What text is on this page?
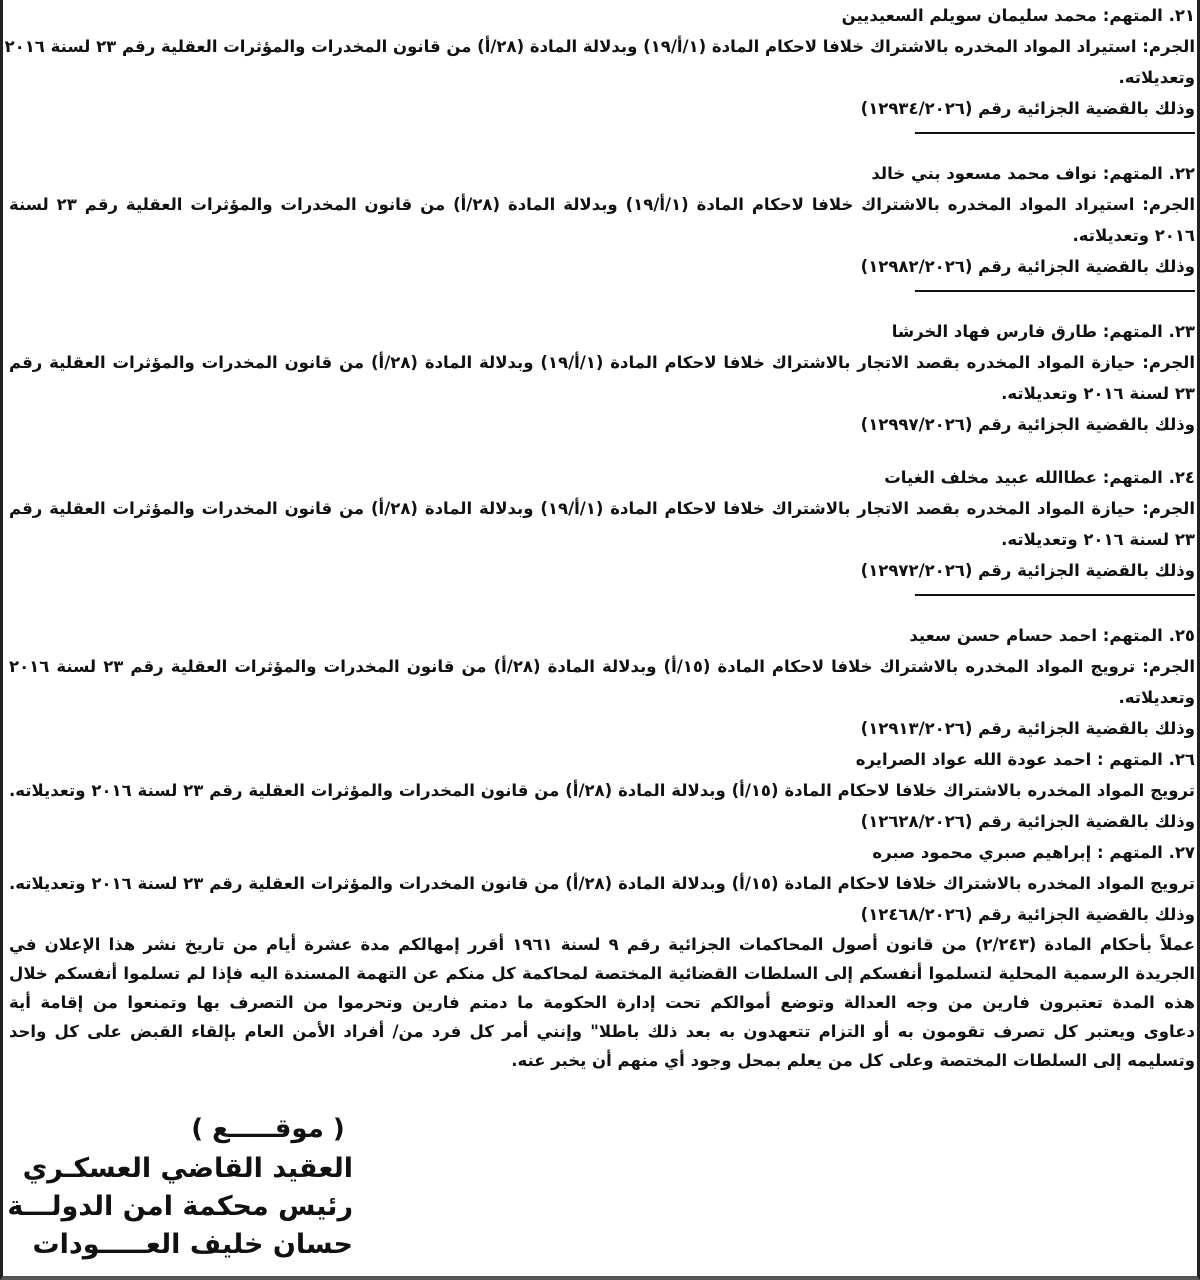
٢١. المتهم: محمد سليمان سويلم السعيديين
الجرم: استيراد المواد المخدره بالاشتراك خلافا لاحكام المادة (١/أ/١٩) وبدلالة المادة (٢٨/أ) من قانون المخدرات والمؤثرات العقلية رقم ٢٣ لسنة ٢٠١٦
وتعديلاته.
وذلك بالقضية الجزائية رقم (١٢٩٣٤/٢٠٢٦)
٢٢. المتهم: نواف محمد مسعود بني خالد
الجرم: استيراد المواد المخدره بالاشتراك خلافا لاحكام المادة (١/أ/١٩) وبدلالة المادة (٢٨/أ) من قانون المخدرات والمؤثرات العقلية رقم ٢٣ لسنة
٢٠١٦ وتعديلاته.
وذلك بالقضية الجزائية رقم (١٢٩٨٢/٢٠٢٦)
٢٣. المتهم: طارق فارس فهاد الخرشا
الجرم: حيازة المواد المخدره بقصد الاتجار بالاشتراك خلافا لاحكام المادة (١/أ/١٩) وبدلالة المادة (٢٨/أ) من قانون المخدرات والمؤثرات العقلية رقم
٢٣ لسنة ٢٠١٦ وتعديلاته.
وذلك بالقضية الجزائية رقم (١٢٩٩٧/٢٠٢٦)
٢٤. المتهم: عطاالله عبيد مخلف الغيات
الجرم: حيازة المواد المخدره بقصد الاتجار بالاشتراك خلافا لاحكام المادة (١/أ/١٩) وبدلالة المادة (٢٨/أ) من قانون المخدرات والمؤثرات العقلية رقم
٢٣ لسنة ٢٠١٦ وتعديلاته.
وذلك بالقضية الجزائية رقم (١٢٩٧٢/٢٠٢٦)
٢٥. المتهم: احمد حسام حسن سعيد
الجرم: ترويج المواد المخدره بالاشتراك خلافا لاحكام المادة (١٥/أ) وبدلالة المادة (٢٨/أ) من قانون المخدرات والمؤثرات العقلية رقم ٢٣ لسنة ٢٠١٦
وتعديلاته.
وذلك بالقضية الجزائية رقم (١٢٩١٣/٢٠٢٦)
٢٦. المتهم : احمد عودة الله عواد الصرايره
ترويج المواد المخدره بالاشتراك خلافا لاحكام المادة (١٥/أ) وبدلالة المادة (٢٨/أ) من قانون المخدرات والمؤثرات العقلية رقم ٢٣ لسنة ٢٠١٦ وتعديلاته.
وذلك بالقضية الجزائية رقم (١٢٦٢٨/٢٠٢٦)
٢٧. المتهم : إبراهيم صبري محمود صبره
ترويج المواد المخدره بالاشتراك خلافا لاحكام المادة (١٥/أ) وبدلالة المادة (٢٨/أ) من قانون المخدرات والمؤثرات العقلية رقم ٢٣ لسنة ٢٠١٦ وتعديلاته.
وذلك بالقضية الجزائية رقم (١٢٤٦٨/٢٠٢٦)
عملاً بأحكام المادة (٢/٢٤٣) من قانون أصول المحاكمات الجزائية رقم ٩ لسنة ١٩٦١ أقرر إمهالكم مدة عشرة أيام من تاريخ نشر هذا الإعلان في
الجريدة الرسمية المحلية لتسلموا أنفسكم إلى السلطات القضائية المختصة لمحاكمة كل منكم عن التهمة المسندة اليه فإذا لم تسلموا أنفسكم خلال
هذه المدة تعتبرون فارين من وجه العدالة وتوضع أموالكم تحت إدارة الحكومة ما دمتم فارين وتحرموا من التصرف بها وتمنعوا من إقامة أية
دعاوى ويعتبر كل تصرف تقومون به أو التزام تتعهدون به بعد ذلك باطلا" وإنني أمر كل فرد من/ أفراد الأمن العام بإلقاء القبض على كل واحد
وتسليمه إلى السلطات المختصة وعلى كل من يعلم بمحل وجود أي منهم أن يخبر عنه.
( موقـــــع )
العقيد القاضي العسكـري
رئيس محكمة امن الدولـــة
حسان خليف العـــــودات
